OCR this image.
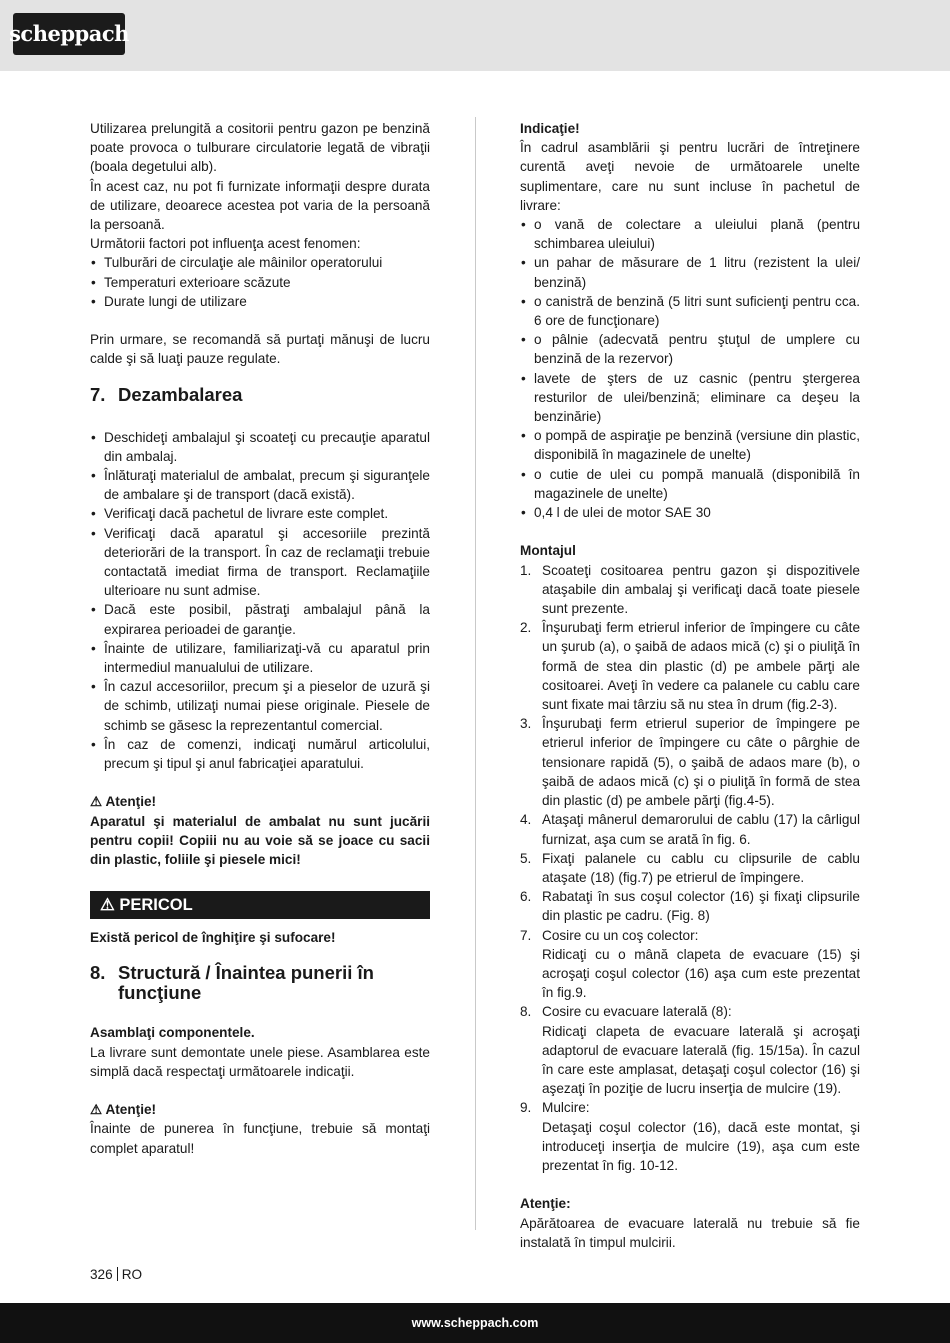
scheppach

Utilizarea prelungită a cositorii pentru gazon pe benzină poate provoca o tulburare circulatorie legată de vibraţii (boala degetului alb).

În acest caz, nu pot fi furnizate informaţii despre durata de utilizare, deoarece acestea pot varia de la persoană la persoană.

Următorii factori pot influenţa acest fenomen:

• Tulburări de circulaţie ale mâinilor operatorului
• Temperaturi exterioare scăzute
• Durate lungi de utilizare

Prin urmare, se recomandă să purtaţi mănuşi de lucru calde şi să luaţi pauze regulate.

7. Dezambalarea
• Deschideţi ambalajul şi scoateţi cu precauţie aparatul din ambalaj.
• Înlăturaţi materialul de ambalat, precum şi siguranţele de ambalare şi de transport (dacă există).
• Verificaţi dacă pachetul de livrare este complet.
• Verificaţi dacă aparatul şi accesoriile prezintă deteriorări de la transport. În caz de reclamaţii trebuie contactată imediat firma de transport. Reclamaţiile ulterioare nu sunt admise.
• Dacă este posibil, păstraţi ambalajul până la expirarea perioadei de garanţie.
• Înainte de utilizare, familiarizaţi-vă cu aparatul prin intermediul manualului de utilizare.
• În cazul accesoriilor, precum şi a pieselor de uzură şi de schimb, utilizaţi numai piese originale. Piesele de schimb se găsesc la reprezentantul comercial.
• În caz de comenzi, indicaţi numărul articolului, precum şi tipul şi anul fabricaţiei aparatului.

⚠ Atenţie!

Aparatul şi materialul de ambalat nu sunt jucării pentru copii! Copiii nu au voie să se joace cu sacii din plastic, foliile şi piesele mici!

⚠ PERICOL

Există pericol de înghiţire şi sufocare!

8. Structură / Înaintea punerii în funcţiune

Asamblaţi componentele.

La livrare sunt demontate unele piese. Asamblarea este simplă dacă respectaţi următoarele indicaţii.

⚠ Atenţie!

Înainte de punerea în funcţiune, trebuie să montaţi complet aparatul!

Indicaţie!

În cadrul asamblării şi pentru lucrări de întreţinere curentă aveţi nevoie de următoarele unelte suplimentare, care nu sunt incluse în pachetul de livrare:

• o vană de colectare a uleiului plană (pentru schimbarea uleiului)
• un pahar de măsurare de 1 litru (rezistent la ulei/ benzină)
• o canistră de benzină (5 litri sunt suficienţi pentru cca. 6 ore de funcţionare)
• o pâlnie (adecvată pentru ştuţul de umplere cu benzină de la rezervor)
• lavete de şters de uz casnic (pentru ştergerea resturilor de ulei/benzină; eliminare ca deşeu la benzinărie)
• o pompă de aspiraţie pe benzină (versiune din plastic, disponibilă în magazinele de unelte)
• o cutie de ulei cu pompă manuală (disponibilă în magazinele de unelte)
• 0,4 l de ulei de motor SAE 30

Montajul

1. Scoateţi cositoarea pentru gazon şi dispozitivele ataşabile din ambalaj şi verificaţi dacă toate piesele sunt prezente.
2. Înşurubaţi ferm etrierul inferior de împingere cu câte un şurub (a), o şaibă de adaos mică (c) şi o piuliţă în formă de stea din plastic (d) pe ambele părţi ale cositoarei. Aveţi în vedere ca palanele cu cablu care sunt fixate mai târziu să nu stea în drum (fig.2-3).
3. Înşurubaţi ferm etrierul superior de împingere pe etrierul inferior de împingere cu câte o pârghie de tensionare rapidă (5), o şaibă de adaos mare (b), o şaibă de adaos mică (c) şi o piuliţă în formă de stea din plastic (d) pe ambele părţi (fig.4-5).
4. Ataşaţi mânerul demarorului de cablu (17) la cârligul furnizat, aşa cum se arată în fig. 6.
5. Fixaţi palanele cu cablu cu clipsurile de cablu ataşate (18) (fig.7) pe etrierul de împingere.
6. Rabataţi în sus coşul colector (16) şi fixaţi clipsurile din plastic pe cadru. (Fig. 8)
7. Cosire cu un coş colector:
Ridicaţi cu o mână clapeta de evacuare (15) şi acroşaţi coşul colector (16) aşa cum este prezentat în fig.9.
8. Cosire cu evacuare laterală (8):
Ridicaţi clapeta de evacuare laterală şi acroşaţi adaptorul de evacuare laterală (fig. 15/15a). În cazul în care este amplasat, detaşaţi coşul colector (16) şi aşezaţi în poziţie de lucru inserţia de mulcire (19).
9. Mulcire:
Detaşaţi coşul colector (16), dacă este montat, şi introduceţi inserţia de mulcire (19), aşa cum este prezentat în fig. 10-12.

Atenţie:

Apărătoarea de evacuare laterală nu trebuie să fie instalată în timpul mulcirii.

326 RO
www.scheppach.com
